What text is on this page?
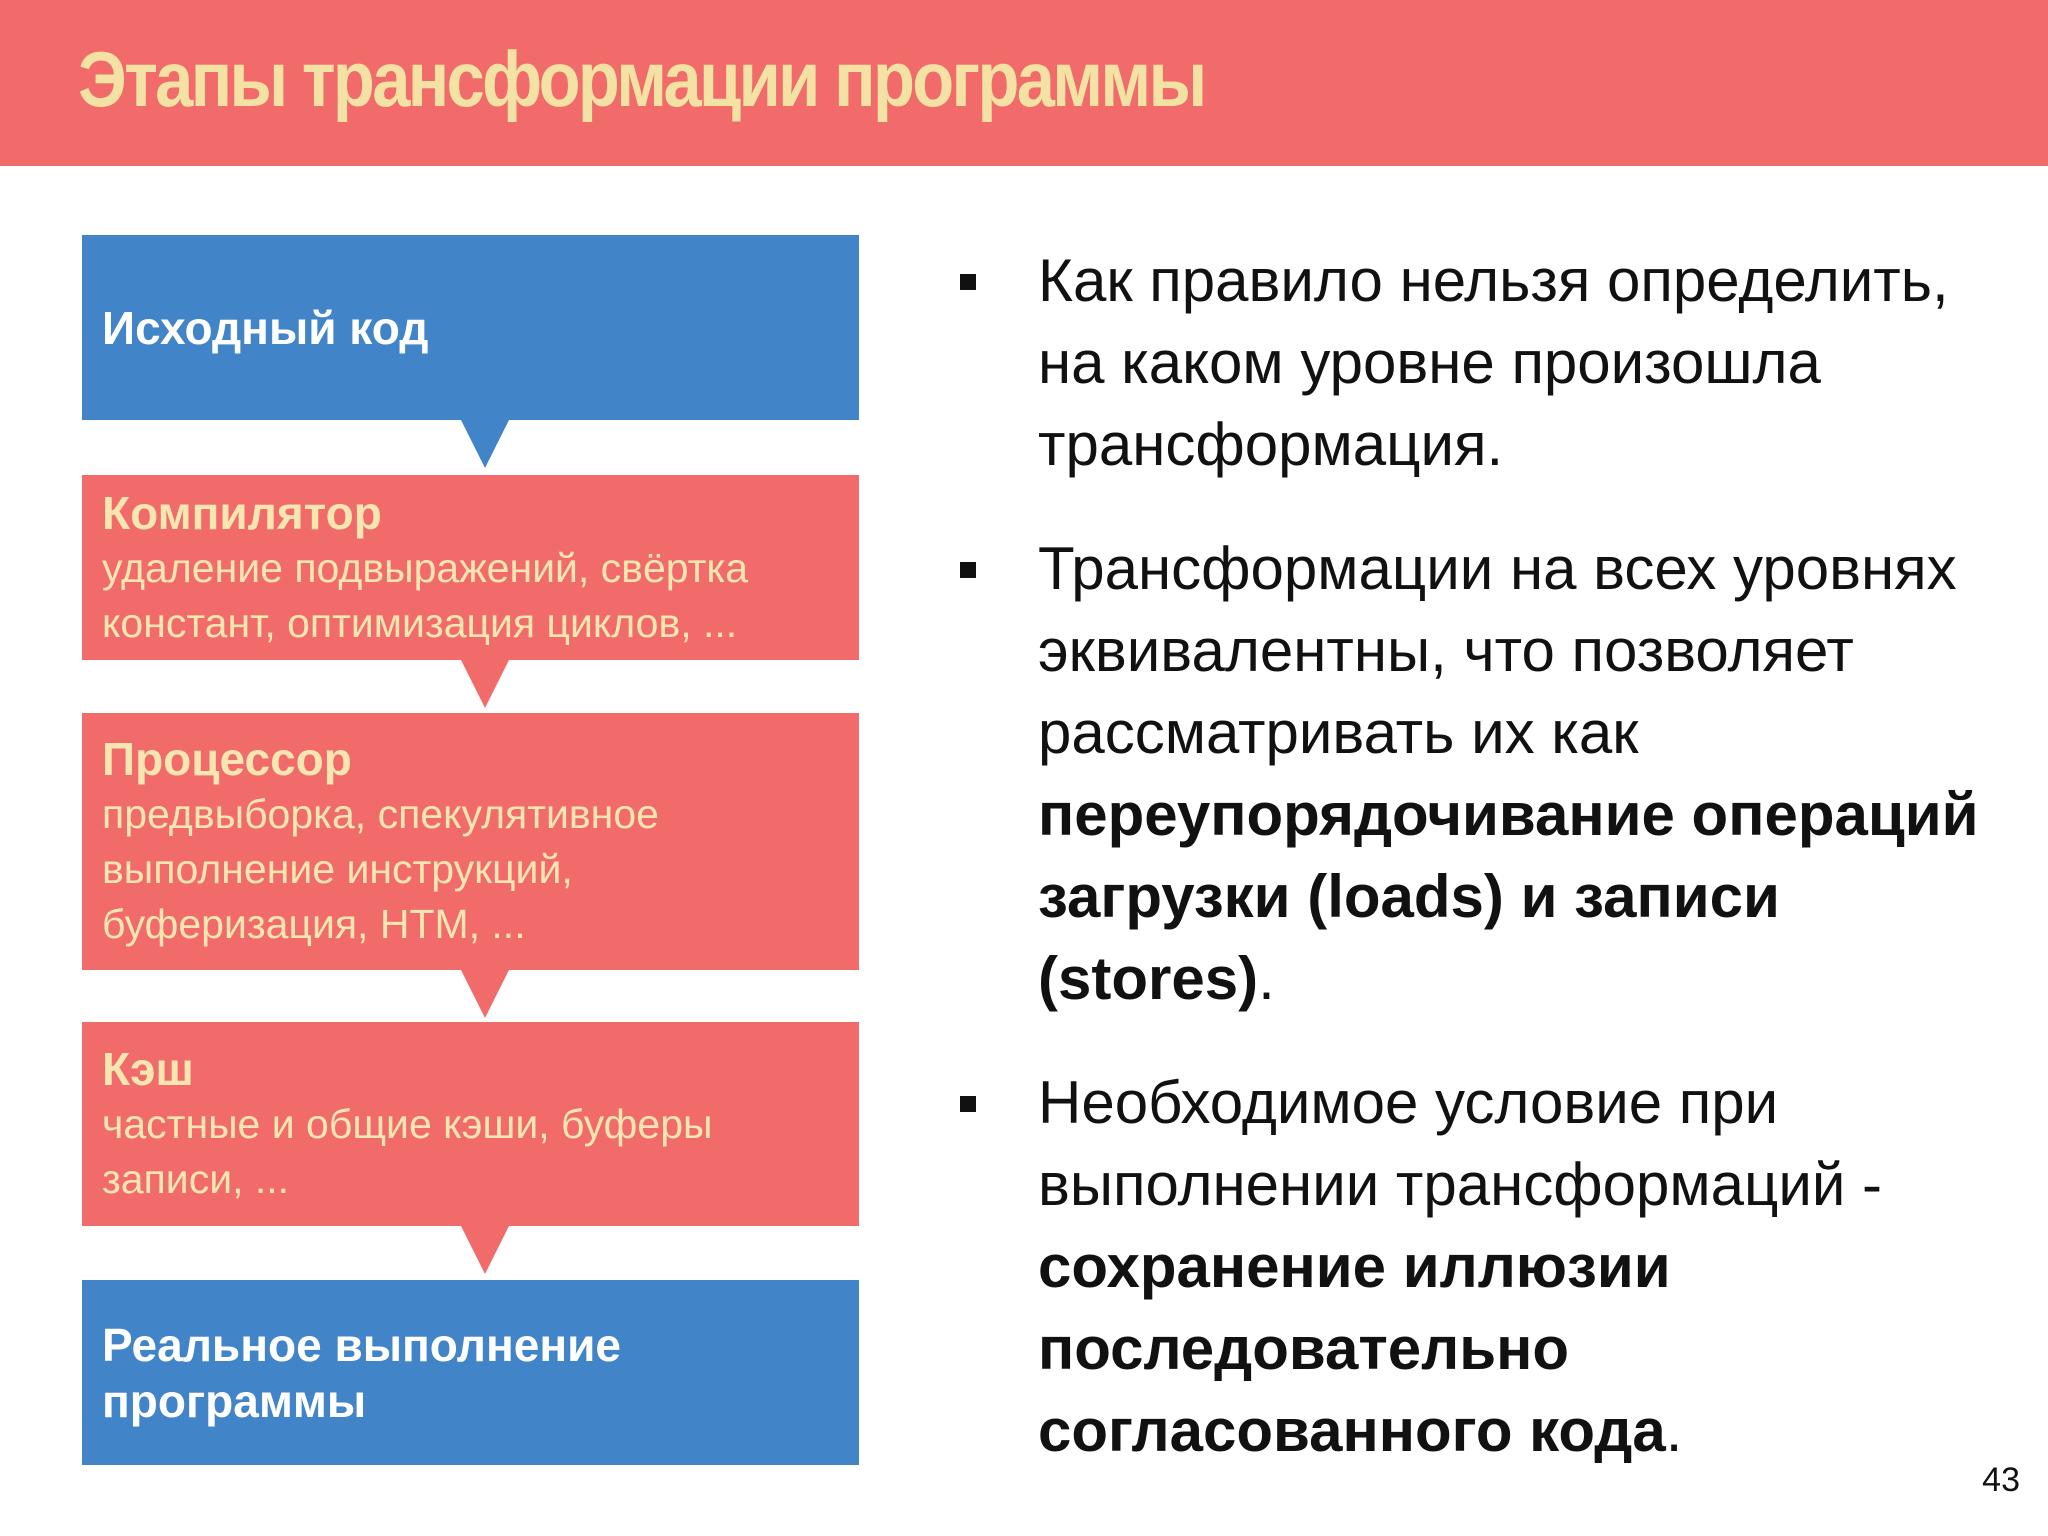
Этапы трансформации программы
Исходный код
Компилятор
удаление подвыражений, свёртка констант, оптимизация циклов, ...
Процессор
предвыборка, спекулятивное выполнение инструкций, буферизация, HTM, ...
Кэш
частные и общие кэши, буферы записи, ...
Реальное выполнение программы
Как правило нельзя определить, на каком уровне произошла трансформация.
Трансформации на всех уровнях эквивалентны, что позволяет рассматривать их как переупорядочивание операций загрузки (loads) и записи (stores).
Необходимое условие при выполнении трансформаций - сохранение иллюзии последовательно согласованного кода.
43
